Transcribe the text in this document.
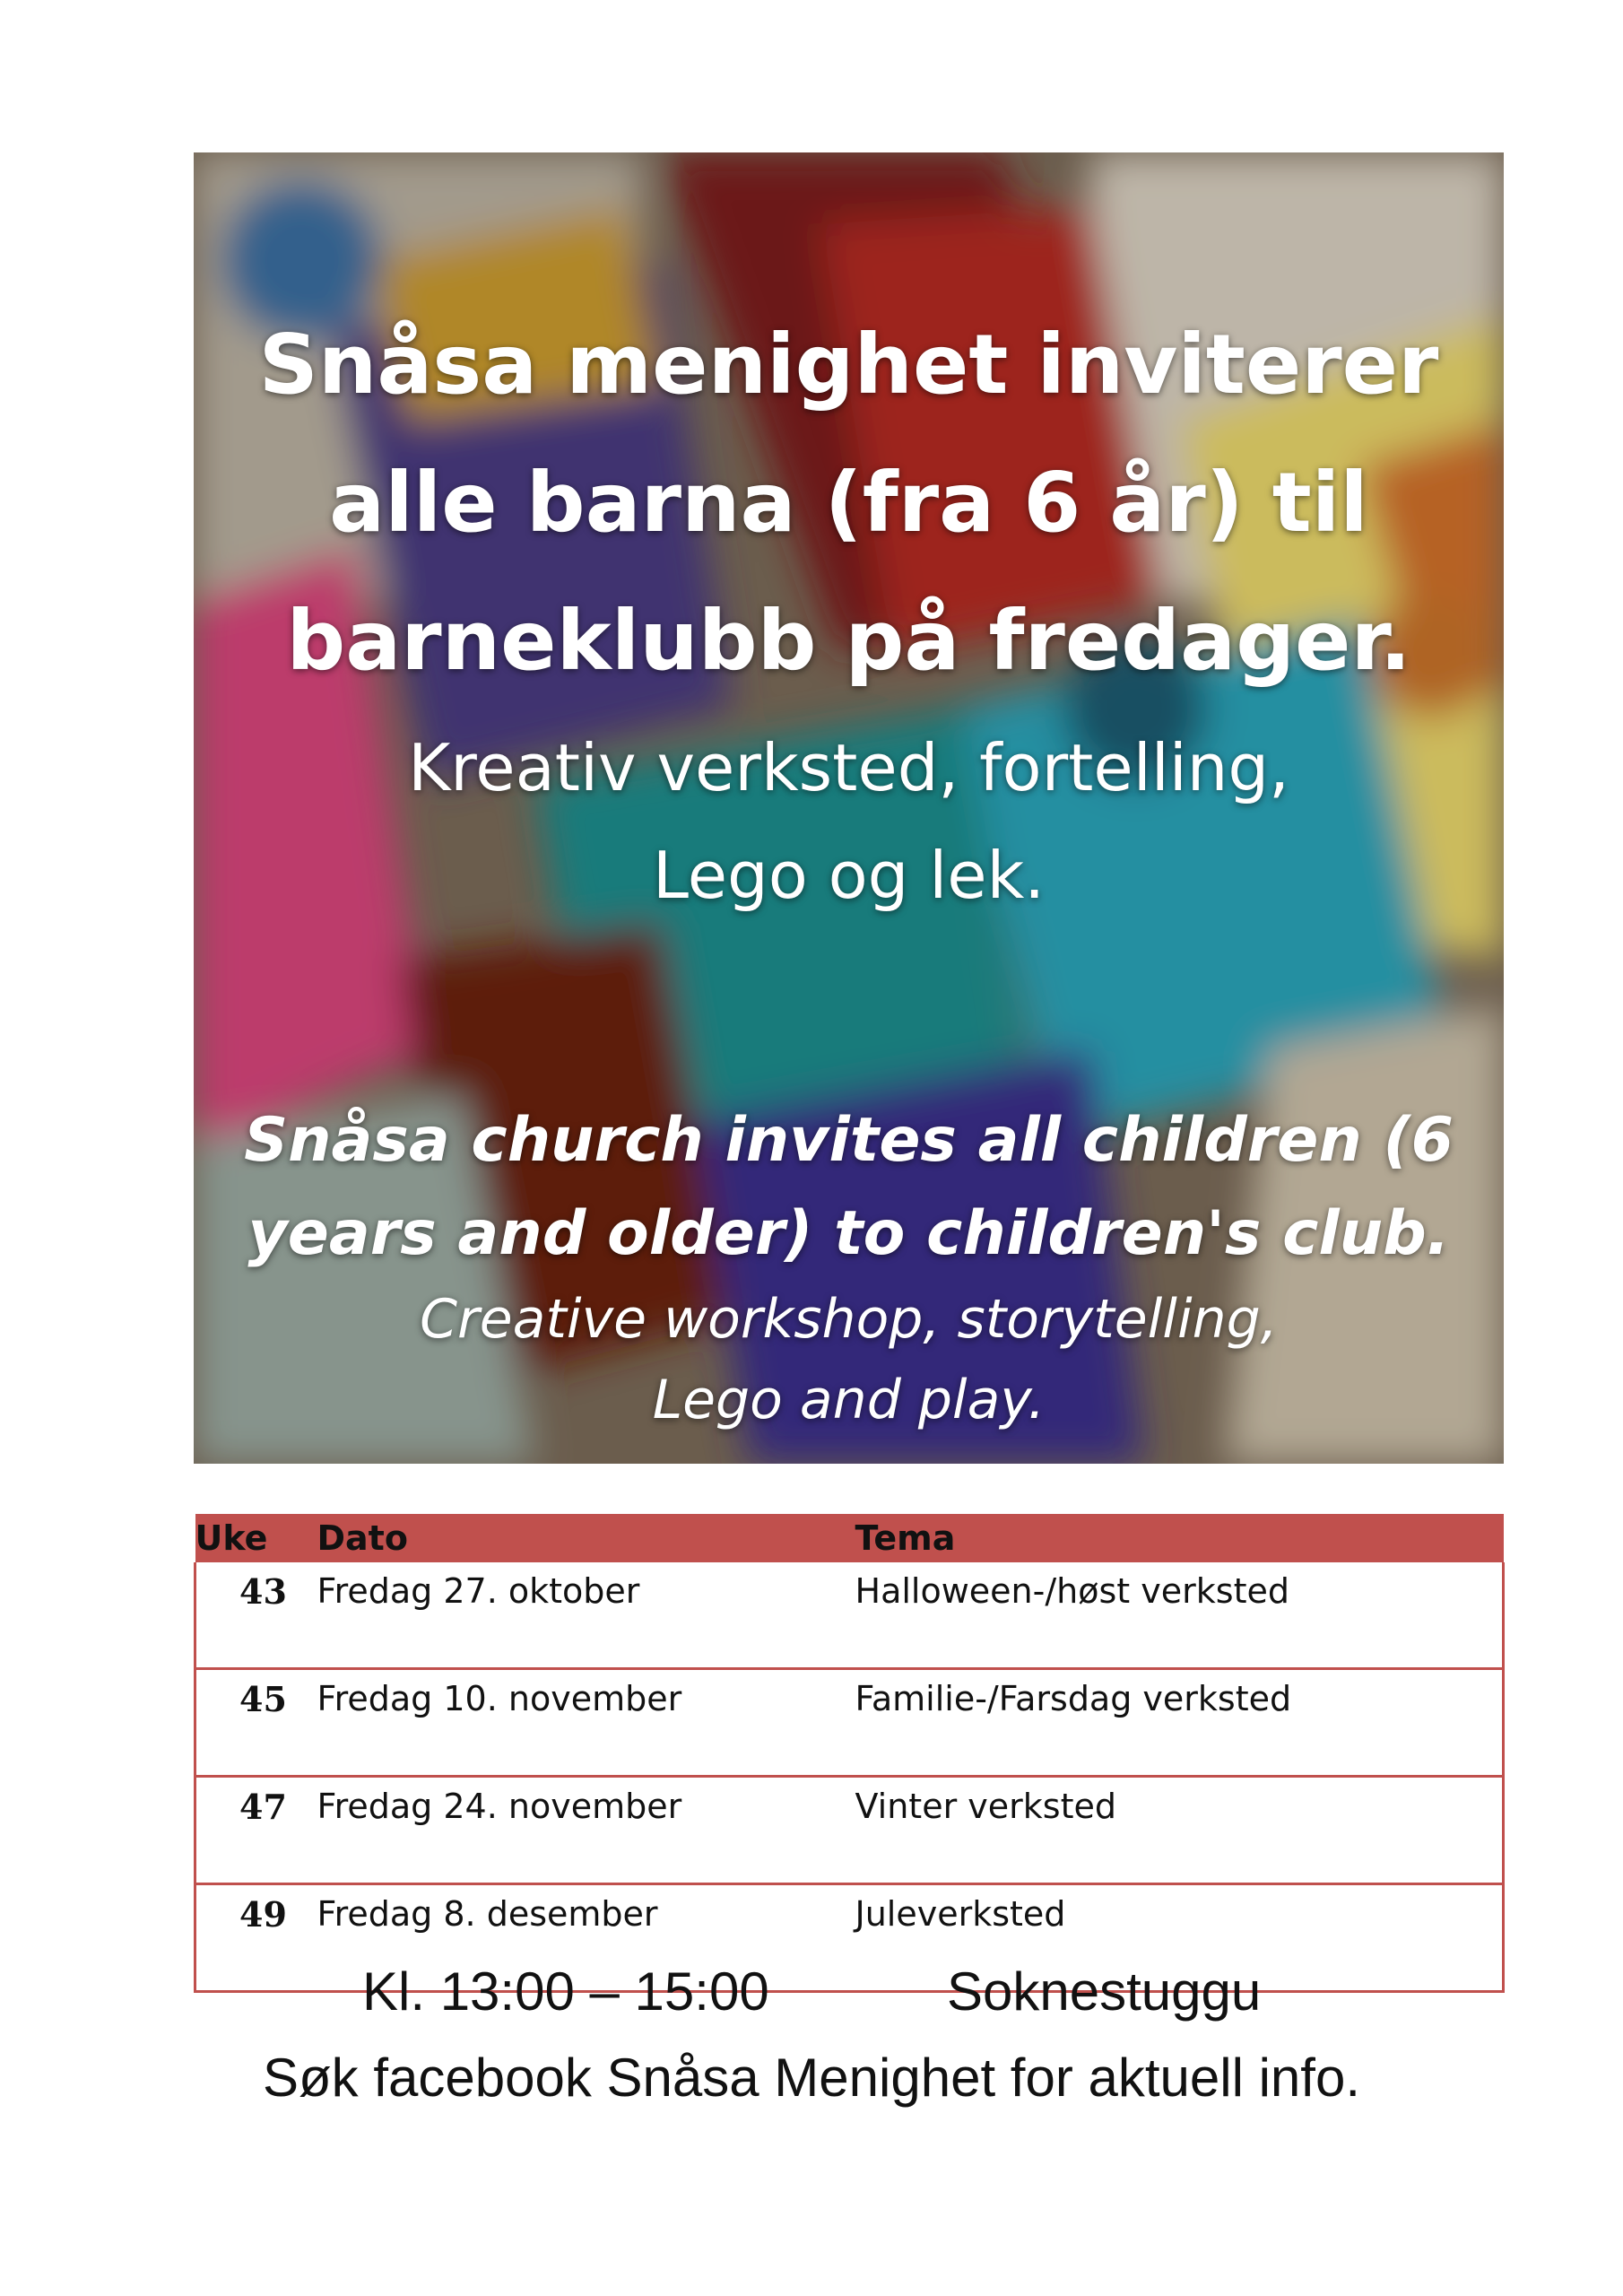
Snåsa menighet inviterer
alle barna (fra 6 år) til
barneklubb på fredager.
Kreativ verksted, fortelling,
Lego og lek.
Snåsa church invites all children (6
years and older) to children's club.
Creative workshop, storytelling,
Lego and play.
Uke	Dato	Tema
43	Fredag 27. oktober	Halloween-/høst verksted
45	Fredag 10. november	Familie-/Farsdag verksted
47	Fredag 24. november	Vinter verksted
49	Fredag 8. desember	Juleverksted
Kl. 13:00 – 15:00	Soknestuggu
Søk facebook Snåsa Menighet for aktuell info.
